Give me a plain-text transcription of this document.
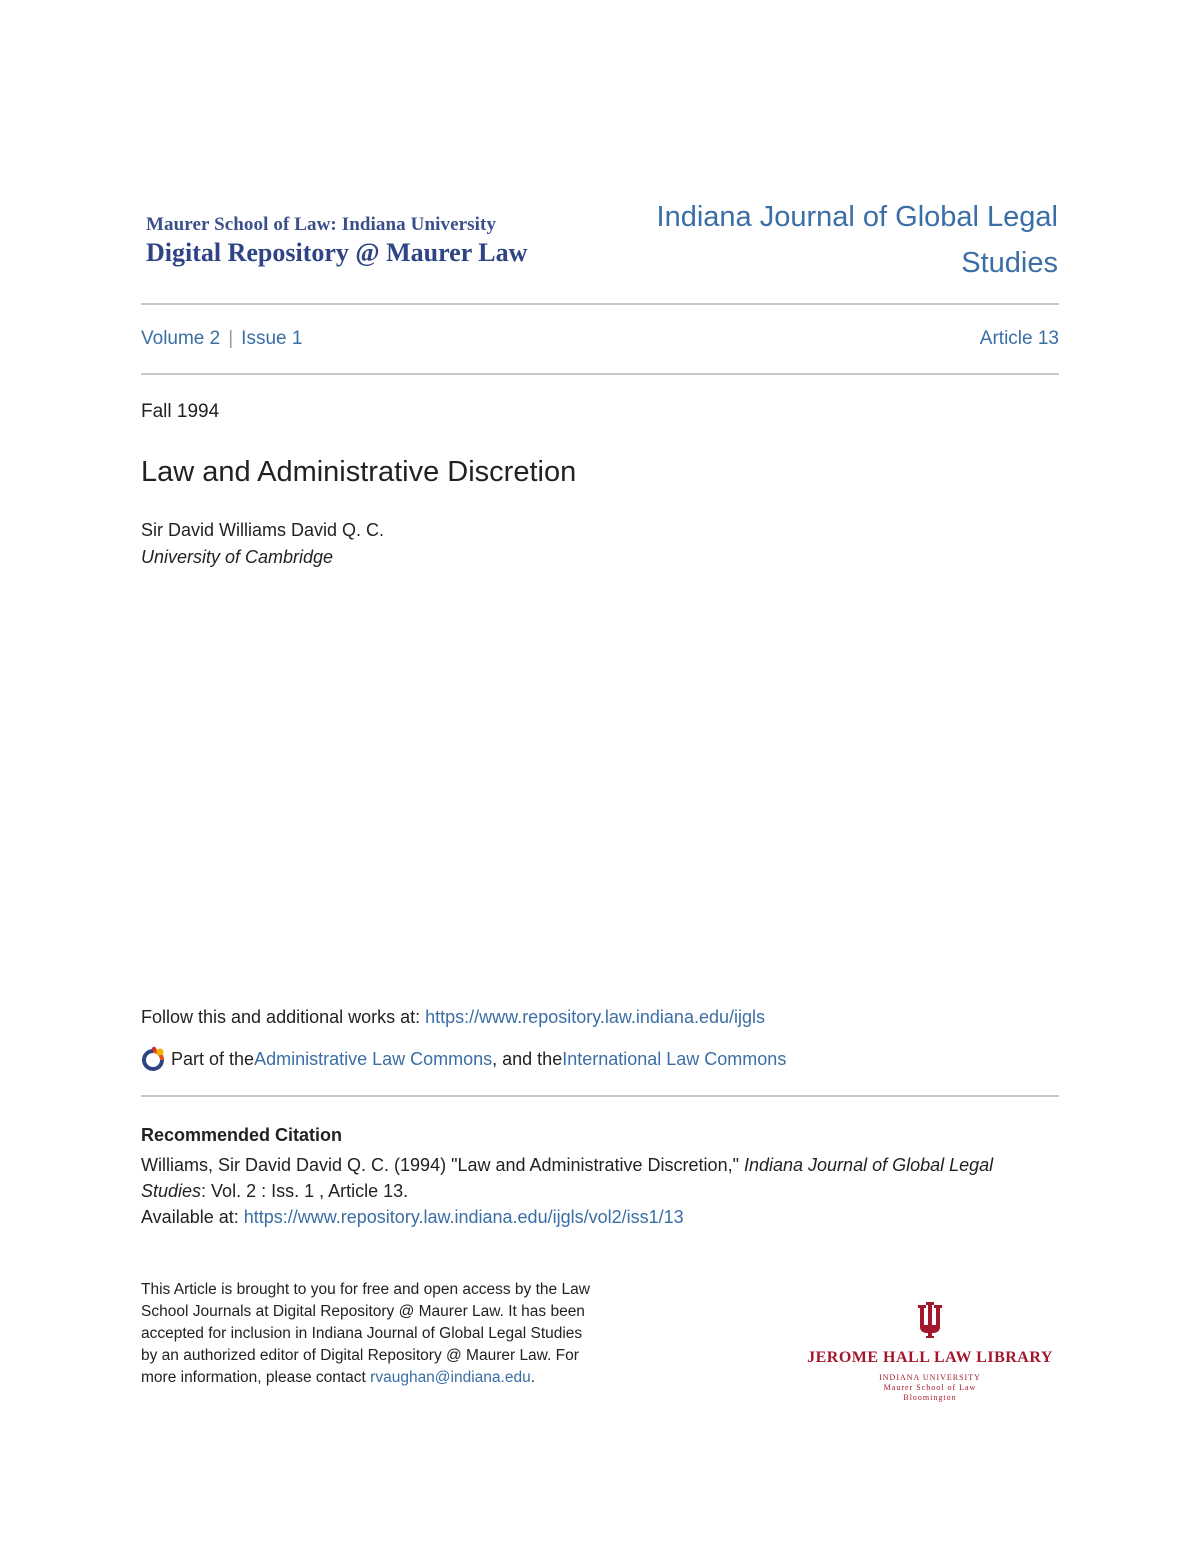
Maurer School of Law: Indiana University
Digital Repository @ Maurer Law
Indiana Journal of Global Legal Studies
Volume 2 | Issue 1	Article 13
Fall 1994
Law and Administrative Discretion
Sir David Williams David Q. C.
University of Cambridge
Follow this and additional works at: https://www.repository.law.indiana.edu/ijgls
Part of the Administrative Law Commons , and the International Law Commons
Recommended Citation
Williams, Sir David David Q. C. (1994) "Law and Administrative Discretion," Indiana Journal of Global Legal Studies: Vol. 2 : Iss. 1 , Article 13.
Available at: https://www.repository.law.indiana.edu/ijgls/vol2/iss1/13
This Article is brought to you for free and open access by the Law School Journals at Digital Repository @ Maurer Law. It has been accepted for inclusion in Indiana Journal of Global Legal Studies by an authorized editor of Digital Repository @ Maurer Law. For more information, please contact rvaughan@indiana.edu.
JEROME HALL LAW LIBRARY
INDIANA UNIVERSITY
Maurer School of Law
Bloomington
